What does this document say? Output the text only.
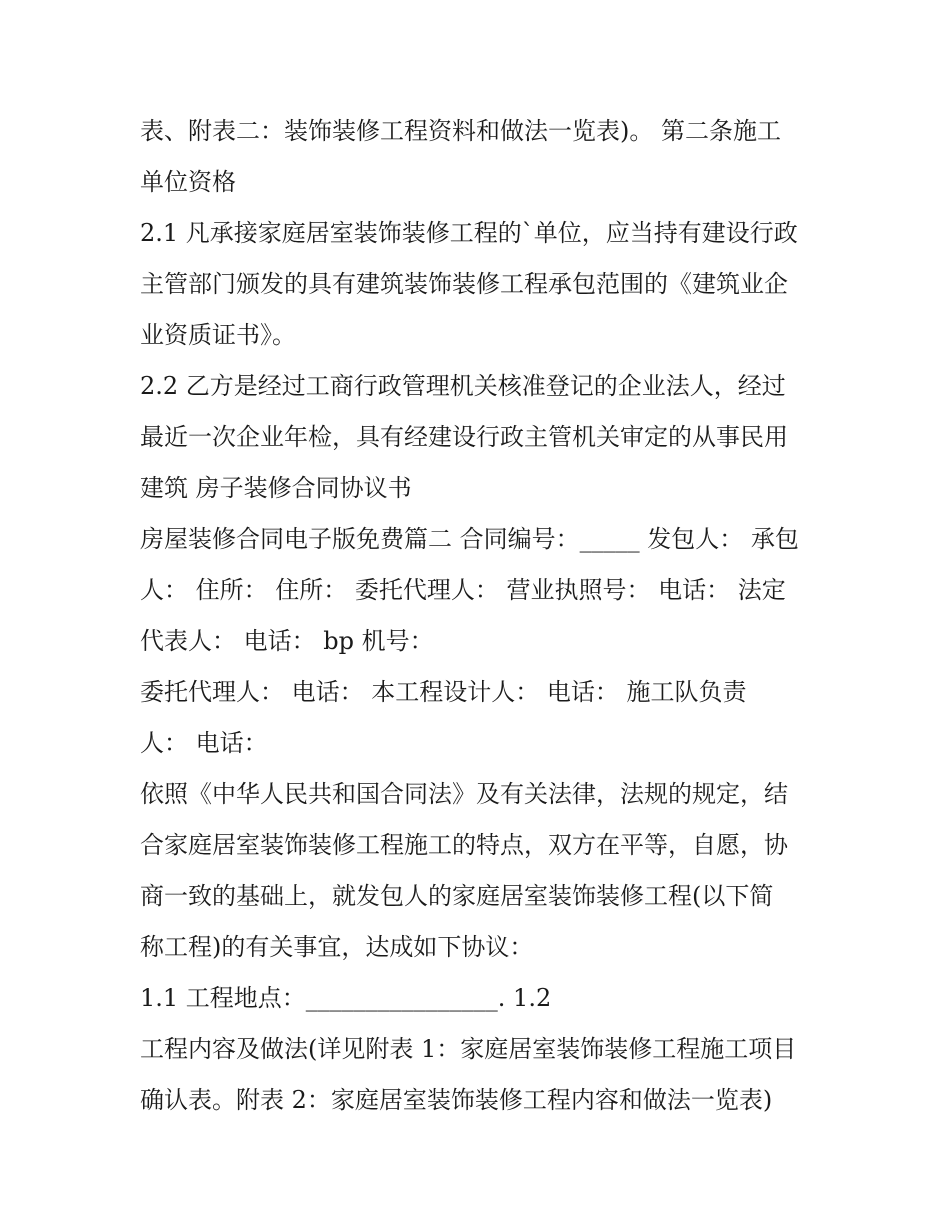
表、附表二：装饰装修工程资料和做法一览表)。 第二条施工
单位资格
2.1 凡承接家庭居室装饰装修工程的`单位，应当持有建设行政
主管部门颁发的具有建筑装饰装修工程承包范围的《建筑业企
业资质证书》。
2.2 乙方是经过工商行政管理机关核准登记的企业法人，经过
最近一次企业年检，具有经建设行政主管机关审定的从事民用
建筑 房子装修合同协议书
房屋装修合同电子版免费篇二 合同编号：_____ 发包人： 承包
人： 住所： 住所： 委托代理人： 营业执照号： 电话： 法定
代表人： 电话： bp 机号：
委托代理人： 电话： 本工程设计人： 电话： 施工队负责
人： 电话：
依照《中华人民共和国合同法》及有关法律，法规的规定，结
合家庭居室装饰装修工程施工的特点，双方在平等，自愿，协
商一致的基础上，就发包人的家庭居室装饰装修工程(以下简
称工程)的有关事宜，达成如下协议：
1.1 工程地点：________________. 1.2
工程内容及做法(详见附表 1：家庭居室装饰装修工程施工项目
确认表。附表 2：家庭居室装饰装修工程内容和做法一览表)
